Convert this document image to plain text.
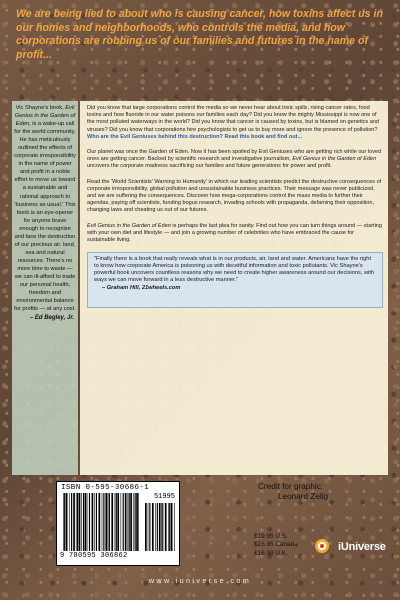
We are being lied to about who is causing cancer, how toxins affect us in our homes and neighborhoods, who controls the media, and how corporations are robbing us of our families and futures in the name of profit...

Vic Shayne's book, Evil Genius in the Garden of Eden, is a wake-up call for the world community. He has meticulously outlined the effects of corporate irresponsibility in the name of power and profit in a noble effort to move us toward a sustainable and rational approach to 'business as usual.' This book is an eye-opener for anyone brave enough to recognize and face the destruction of our precious air, land, sea and natural resources. There's no more time to waste — we can ill-afford to trade our personal health, freedom and environmental balance for profits — at any cost.

– Ed Begley, Jr.

Did you know that large corporations control the media so we never hear about toxic spills, rising cancer rates, food toxins and how fluoride in our water poisons our families each day? Did you know the mighty Mississippi is now one of the most polluted waterways in the world? Did you know that cancer is caused by toxins, but is blamed on genetics and viruses? Did you know that corporations hire psychologists to get us to buy more and ignore the presence of pollution? Who are the Evil Geniuses behind this destruction? Read this book and find out...

Our planet was once the Garden of Eden. Now it has been spoiled by Evil Geniuses who are getting rich while our loved ones are getting cancer. Backed by scientific research and investigative journalism, Evil Genius in the Garden of Eden uncovers the corporate madness sacrificing our families and future generations for power and profit.

Read the 'World Scientists' Warning to Humanity' in which our leading scientists predict the destructive consequences of corporate irresponsibility, global pollution and unsustainable business practices. Their message was never publicized, and we are suffering the consequences. Discover how mega-corporations control the mass media to further their agendas, paying off scientists, funding bogus research, invading schools with propaganda, defaming their opposition, changing laws and cheating us out of our futures.

Evil Genius in the Garden of Eden is perhaps the last plea for sanity. Find out how you can turn things around — starting with your own diet and lifestyle — and join a growing number of celebrities who have embraced the cause for sustainable living.

"Finally there is a book that really reveals what is in our products, air, land and water. Americans have the right to know how corporate America is poisoning us with deceitful information and toxic pollutants. Vic Shayne's powerful book uncovers countless reasons why we need to create higher awareness around our decisions, with ways we can move forward in a less destructive manner."

– Graham Hill, 21wheels.com

ISBN 0-595-30686-1
51995
9 780595 306862

Credit for graphic:

Leonard Zelig

$19.95 U.S.
$26.95 Canada
£16.99 U.K.
iUniverse

www.iuniverse.com
